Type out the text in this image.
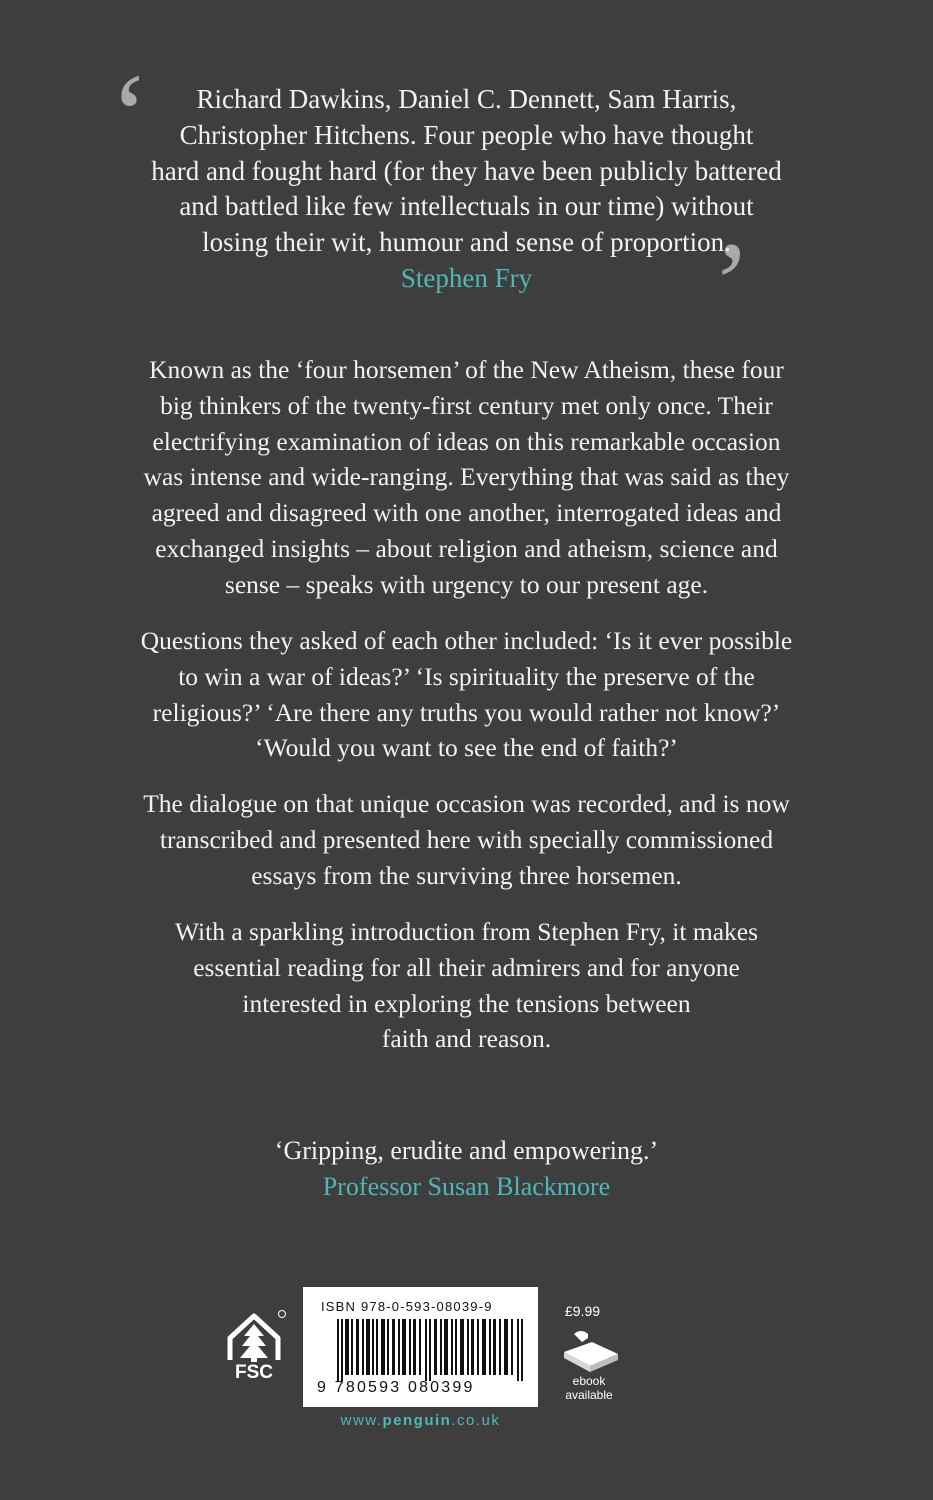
‘
’
Richard Dawkins, Daniel C. Dennett, Sam Harris,
Christopher Hitchens. Four people who have thought
hard and fought hard (for they have been publicly battered
and battled like few intellectuals in our time) without
losing their wit, humour and sense of proportion.
Stephen Fry
Known as the ‘four horsemen’ of the New Atheism, these four
big thinkers of the twenty-first century met only once. Their
electrifying examination of ideas on this remarkable occasion
was intense and wide-ranging. Everything that was said as they
agreed and disagreed with one another, interrogated ideas and
exchanged insights – about religion and atheism, science and
sense – speaks with urgency to our present age.
Questions they asked of each other included: ‘Is it ever possible
to win a war of ideas?’ ‘Is spirituality the preserve of the
religious?’ ‘Are there any truths you would rather not know?’
‘Would you want to see the end of faith?’
The dialogue on that unique occasion was recorded, and is now
transcribed and presented here with specially commissioned
essays from the surviving three horsemen.
With a sparkling introduction from Stephen Fry, it makes
essential reading for all their admirers and for anyone
interested in exploring the tensions between
faith and reason.
‘Gripping, erudite and empowering.’
Professor Susan Blackmore
FSC
ISBN 978-0-593-08039-9
9 780593 080399
£9.99
ebook
available
www.penguin.co.uk
